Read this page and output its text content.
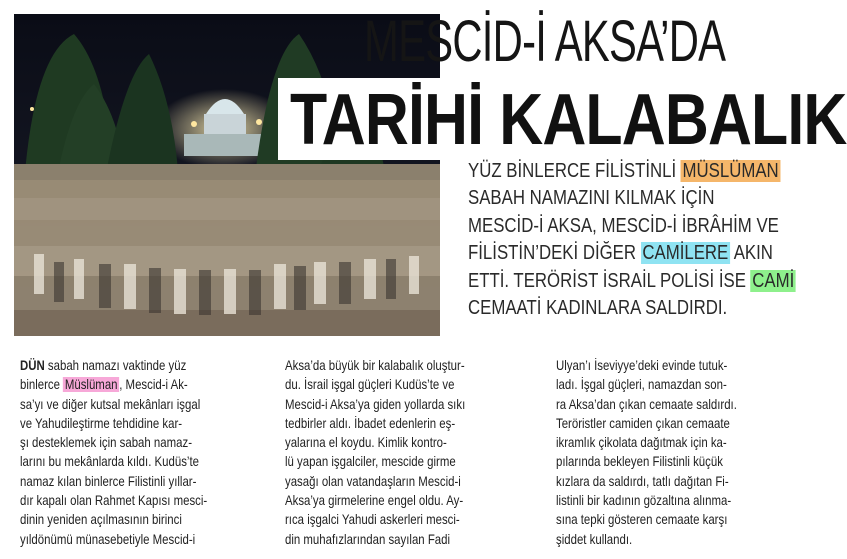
MESCİD-İ AKSA’DA
TARİHİ KALABALIK
YÜZ BİNLERCE FİLİSTİNLİ MÜSLÜMAN
SABAH NAMAZINI KILMAK İÇİN
MESCİD-İ AKSA, MESCİD-İ İBRÂHİM VE
FİLİSTİN’DEKİ DİĞER CAMİLERE AKIN
ETTİ. TERÖRİST İSRAİL POLİSİ İSE CAMİ
CEMAATİ KADINLARA SALDIRDI.
DÜN sabah namazı vaktinde yüz
binlerce Müslüman , Mescid-i Ak-
sa’yı ve diğer kutsal mekânları işgal
ve Yahudileştirme tehdidine kar-
şı desteklemek için sabah namaz-
larını bu mekânlarda kıldı. Kudüs’te
namaz kılan binlerce Filistinli yıllar-
dır kapalı olan Rahmet Kapısı mesci-
dinin yeniden açılmasının birinci
yıldönümü münasebetiyle Mescid-i
Aksa’da büyük bir kalabalık oluştur-
du. İsrail işgal güçleri Kudüs’te ve
Mescid-i Aksa’ya giden yollarda sıkı
tedbirler aldı. İbadet edenlerin eş-
yalarına el koydu. Kimlik kontro-
lü yapan işgalciler, mescide girme
yasağı olan vatandaşların Mescid-i
Aksa’ya girmelerine engel oldu. Ay-
rıca işgalci Yahudi askerleri mesci-
din muhafızlarından sayılan Fadi
Ulyan’ı İseviyye’deki evinde tutuk-
ladı. İşgal güçleri, namazdan son-
ra Aksa’dan çıkan cemaate saldırdı.
Teröristler camiden çıkan cemaate
ikramlık çikolata dağıtmak için ka-
pılarında bekleyen Filistinli küçük
kızlara da saldırdı, tatlı dağıtan Fi-
listinli bir kadının gözaltına alınma-
sına tepki gösteren cemaate karşı
şiddet kullandı.
